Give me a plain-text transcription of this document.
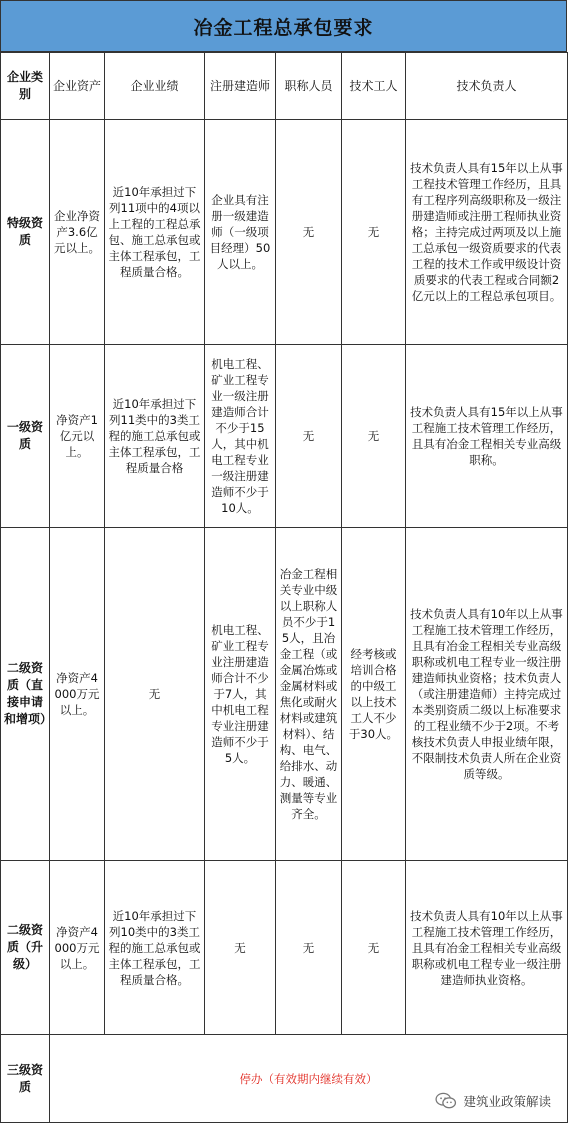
冶金工程总承包要求
企业类别	企业资产	企业业绩	注册建造师	职称人员	技术工人	技术负责人
特级资质	企业净资产3.6亿元以上。	近10年承担过下列11项中的4项以上工程的工程总承包、施工总承包或主体工程承包，工程质量合格。	企业具有注册一级建造师（一级项目经理）50人以上。	无	无	技术负责人具有15年以上从事工程技术管理工作经历，且具有工程序列高级职称及一级注册建造师或注册工程师执业资格；主持完成过两项及以上施工总承包一级资质要求的代表工程的技术工作或甲级设计资质要求的代表工程或合同额2亿元以上的工程总承包项目。
一级资质	净资产1亿元以上。	近10年承担过下列11类中的3类工程的施工总承包或主体工程承包，工程质量合格	机电工程、矿业工程专业一级注册建造师合计不少于15人，其中机电工程专业一级注册建造师不少于10人。	无	无	技术负责人具有15年以上从事工程施工技术管理工作经历，且具有冶金工程相关专业高级职称。
二级资质（直接申请和增项）	净资产4000万元以上。	无	机电工程、矿业工程专业注册建造师合计不少于7人，其中机电工程专业注册建造师不少于5人。	冶金工程相关专业中级以上职称人员不少于15人，且冶金工程（或金属冶炼或金属材料或焦化或耐火材料或建筑材料）、结构、电气、给排水、动力、暖通、测量等专业齐全。	经考核或培训合格的中级工以上技术工人不少于30人。	技术负责人具有10年以上从事工程施工技术管理工作经历，且具有冶金工程相关专业高级职称或机电工程专业一级注册建造师执业资格；技术负责人（或注册建造师）主持完成过本类别资质二级以上标准要求的工程业绩不少于2项。不考核技术负责人申报业绩年限，不限制技术负责人所在企业资质等级。
二级资质（升级）	净资产4000万元以上。	近10年承担过下列10类中的3类工程的施工总承包或主体工程承包，工程质量合格。	无	无	无	技术负责人具有10年以上从事工程施工技术管理工作经历，且具有冶金工程相关专业高级职称或机电工程专业一级注册建造师执业资格。
三级资质	停办（有效期内继续有效）					
建筑业政策解读
